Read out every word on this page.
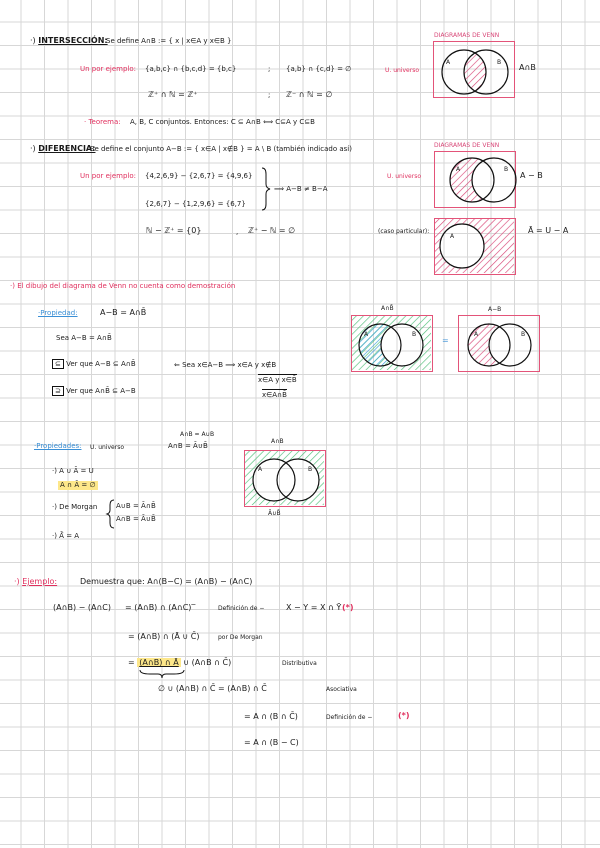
·) INTERSECCIÓN:
Se define A∩B := { x | x∈A y x∈B }
Un por ejemplo: {a,b,c} ∩ {b,c,d} = {b,c}	; {a,b} ∩ {c,d} = ∅
ℤ⁺ ∩ ℕ = ℤ⁺	; ℤ⁻ ∩ ℕ = ∅
· Teorema: A, B, C conjuntos. Entonces: C ⊆ A∩B ⟺ C⊆A y C⊆B
DIAGRAMAS DE VENN
U. universo
A	B
A∩B
·) DIFERENCIA:
Se define el conjunto A−B := { x∈A | x∉B } = A \ B (también indicado así)
Un por ejemplo: {4,2,6,9} − {2,6,7} = {4,9,6}
{2,6,7} − {1,2,9,6} = {6,7}
⟹ A−B ≠ B−A
ℕ − ℤ⁺ = {0}	, ℤ⁺ − ℕ = ∅
DIAGRAMAS DE VENN
U. universo
A	B
A − B
(caso particular):
A
Ā = U − A
·) El dibujo del diagrama de Venn no cuenta como demostración
·Propiedad:	A−B = A∩B̄
Sea A−B = A∩B̄
⊆ Ver que A−B ⊆ A∩B̄	⇐ Sea x∈A−B ⟹ x∈A y x∉B
x∈A y x∈B̄
x∈A∩B̄
⊇ Ver que A∩B̄ ⊆ A−B
A∩B̄
A	B
=
A−B
A	B
·Propiedades: U. universo
A∩B = A∪B
A∩B = Ā∪B̄
·) A ∪ Ā = U
A ∩ Ā = ∅
·) De Morgan	A∪B = Ā∩B̄
A∩B = Ā∪B̄
·) Ā̄ = A
A∩B
A	B
Ā∪B̄
·) Ejemplo:	Demuestra que: A∩(B−C) = (A∩B) − (A∩C)
(A∩B) − (A∩C) = (A∩B) ∩ (A∩C)‾	Definición de −	X − Y = X ∩ Ȳ (*)
= (A∩B) ∩ (Ā ∪ C̄)	por De Morgan
= (A∩B) ∩ Ā ∪ (A∩B ∩ C̄)	Distributiva
∅ ∪ (A∩B) ∩ C̄ = (A∩B) ∩ C̄	Asociativa
= A ∩ (B ∩ C̄)	Definición de −	(*)
= A ∩ (B − C)
